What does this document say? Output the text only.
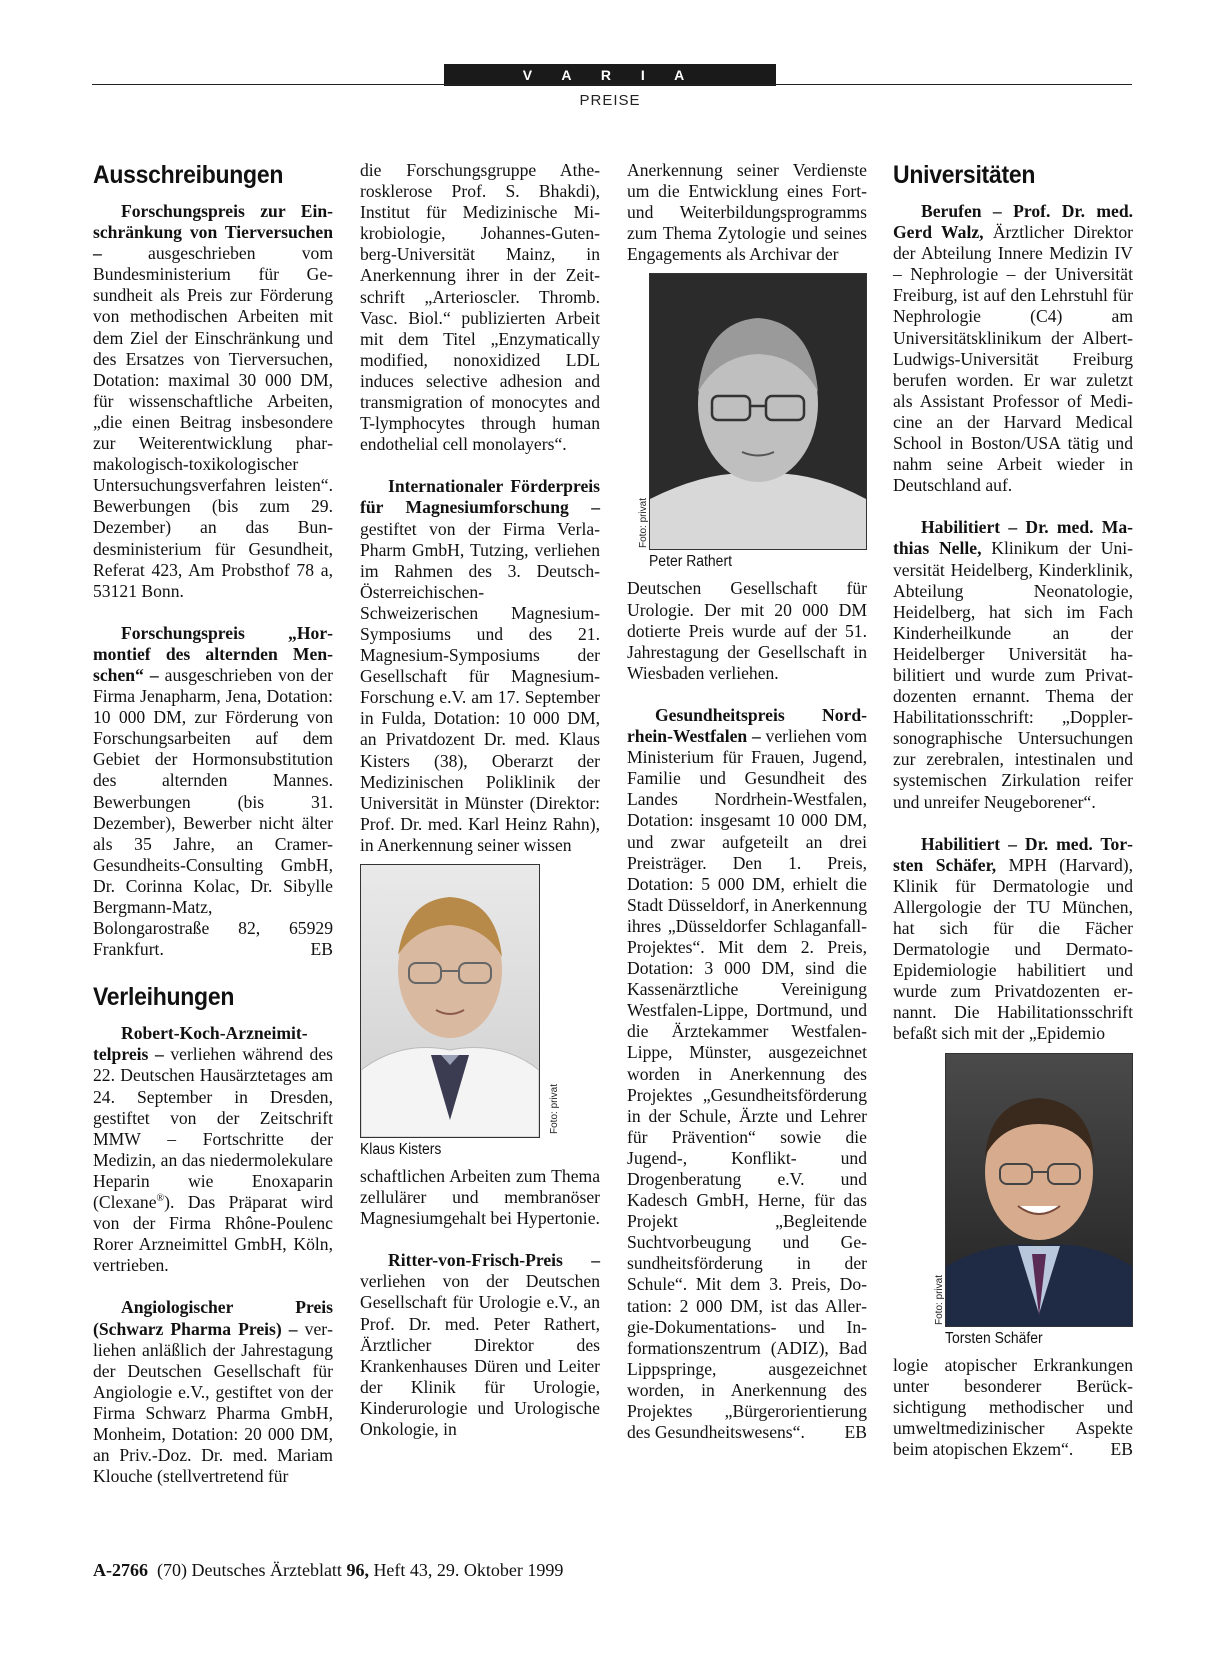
V A R I A
PREISE
Ausschreibungen

Forschungspreis zur Einschränkung von Tierversuchen – ausgeschrieben vom Bundesministerium für Gesundheit als Preis zur Förderung von methodischen Arbeiten mit dem Ziel der Einschränkung und des Ersatzes von Tierversuchen, Dotation: maximal 30 000 DM, für wissenschaftliche Arbeiten, „die einen Beitrag insbesondere zur Weiterentwicklung pharmakologisch-toxikologischer Untersuchungsverfahren leisten“. Bewerbungen (bis zum 29. Dezember) an das Bundesministerium für Gesundheit, Referat 423, Am Probsthof 78 a, 53121 Bonn.

Forschungspreis „Hormontief des alternden Menschen“ – ausgeschrieben von der Firma Jenapharm, Jena, Dotation: 10 000 DM, zur Förderung von Forschungsarbeiten auf dem Gebiet der Hormonsubstitution des alternden Mannes. Bewerbungen (bis 31. Dezember), Bewerber nicht älter als 35 Jahre, an Cramer-Gesundheits-Consulting GmbH, Dr. Corinna Kolac, Dr. Sibylle Bergmann-Matz, Bolongarostraße 82, 65929 Frankfurt.	EB

Verleihungen

Robert-Koch-Arzneimittelpreis – verliehen während des 22. Deutschen Hausärztetages am 24. September in Dresden, gestiftet von der Zeitschrift MMW – Fortschritte der Medizin, an das niedermolekulare Heparin wie Enoxaparin (Clexane®). Das Präparat wird von der Firma Rhône-Poulenc Rorer Arzneimittel GmbH, Köln, vertrieben.

Angiologischer Preis (Schwarz Pharma Preis) – verliehen anläßlich der Jahrestagung der Deutschen Gesellschaft für Angiologie e.V., gestiftet von der Firma Schwarz Pharma GmbH, Monheim, Dotation: 20 000 DM, an Priv.-Doz. Dr. med. Mariam Klouche (stellvertretend für

die Forschungsgruppe Atherosklerose Prof. S. Bhakdi), Institut für Medizinische Mikrobiologie, Johannes-Gutenberg-Universität Mainz, in Anerkennung ihrer in der Zeitschrift „Arterioscler. Thromb. Vasc. Biol.“ publizierten Arbeit mit dem Titel „Enzymatically modified, nonoxidized LDL induces selective adhesion and transmigration of monocytes and T-lymphocytes through human endothelial cell monolayers“.

Internationaler Förderpreis für Magnesiumforschung – gestiftet von der Firma Verla-Pharm GmbH, Tutzing, verliehen im Rahmen des 3. Deutsch-Österreichischen-Schweizerischen Magnesium-Symposiums und des 21. Magnesium-Symposiums der Gesellschaft für Magnesium-Forschung e.V. am 17. September in Fulda, Dotation: 10 000 DM, an Privatdozent Dr. med. Klaus Kisters (38), Oberarzt der Medizinischen Poliklinik der Universität in Münster (Direktor: Prof. Dr. med. Karl Heinz Rahn), in Anerkennung seiner wissen

Foto: privat
Klaus Kisters

schaftlichen Arbeiten zum Thema zellulärer und membranöser Magnesiumgehalt bei Hypertonie.

Ritter-von-Frisch-Preis – verliehen von der Deutschen Gesellschaft für Urologie e.V., an Prof. Dr. med. Peter Rathert, Ärztlicher Direktor des Krankenhauses Düren und Leiter der Klinik für Urologie, Kinderurologie und Urologische Onkologie, in

Anerkennung seiner Verdienste um die Entwicklung eines Fort- und Weiterbildungsprogramms zum Thema Zytologie und seines Engagements als Archivar der

Foto: privat
Peter Rathert

Deutschen Gesellschaft für Urologie. Der mit 20 000 DM dotierte Preis wurde auf der 51. Jahrestagung der Gesellschaft in Wiesbaden verliehen.

Gesundheitspreis Nordrhein-Westfalen – verliehen vom Ministerium für Frauen, Jugend, Familie und Gesundheit des Landes Nordrhein-Westfalen, Dotation: insgesamt 10 000 DM, und zwar aufgeteilt an drei Preisträger. Den 1. Preis, Dotation: 5 000 DM, erhielt die Stadt Düsseldorf, in Anerkennung ihres „Düsseldorfer Schlaganfall-Projektes“. Mit dem 2. Preis, Dotation: 3 000 DM, sind die Kassenärztliche Vereinigung Westfalen-Lippe, Dortmund, und die Ärztekammer Westfalen-Lippe, Münster, ausgezeichnet worden in Anerkennung des Projektes „Gesundheitsförderung in der Schule, Ärzte und Lehrer für Prävention“ sowie die Jugend-, Konflikt- und Drogenberatung e.V. und Kadesch GmbH, Herne, für das Projekt „Begleitende Suchtvorbeugung und Gesundheitsförderung in der Schule“. Mit dem 3. Preis, Dotation: 2 000 DM, ist das Allergie-Dokumentations- und Informationszentrum (ADIZ), Bad Lippspringe, ausgezeichnet worden, in Anerkennung des Projektes „Bürgerorientierung des Gesundheitswesens“.	EB

Universitäten

Berufen – Prof. Dr. med. Gerd Walz, Ärztlicher Direktor der Abteilung Innere Medizin IV – Nephrologie – der Universität Freiburg, ist auf den Lehrstuhl für Nephrologie (C4) am Universitätsklinikum der Albert-Ludwigs-Universität Freiburg berufen worden. Er war zuletzt als Assistant Professor of Medicine an der Harvard Medical School in Boston/USA tätig und nahm seine Arbeit wieder in Deutschland auf.

Habilitiert – Dr. med. Mathias Nelle, Klinikum der Universität Heidelberg, Kinderklinik, Abteilung Neonatologie, Heidelberg, hat sich im Fach Kinderheilkunde an der Heidelberger Universität habilitiert und wurde zum Privatdozenten ernannt. Thema der Habilitationsschrift: „Doppler-sonographische Untersuchungen zur zerebralen, intestinalen und systemischen Zirkulation reifer und unreifer Neugeborener“.

Habilitiert – Dr. med. Torsten Schäfer, MPH (Harvard), Klinik für Dermatologie und Allergologie der TU München, hat sich für die Fächer Dermatologie und Dermato-Epidemiologie habilitiert und wurde zum Privatdozenten ernannt. Die Habilitationsschrift befaßt sich mit der „Epidemio

Foto: privat
Torsten Schäfer

logie atopischer Erkrankungen unter besonderer Berücksichtigung methodischer und umweltmedizinischer Aspekte beim atopischen Ekzem“. EB

A-2766  (70) Deutsches Ärzteblatt 96, Heft 43, 29. Oktober 1999
